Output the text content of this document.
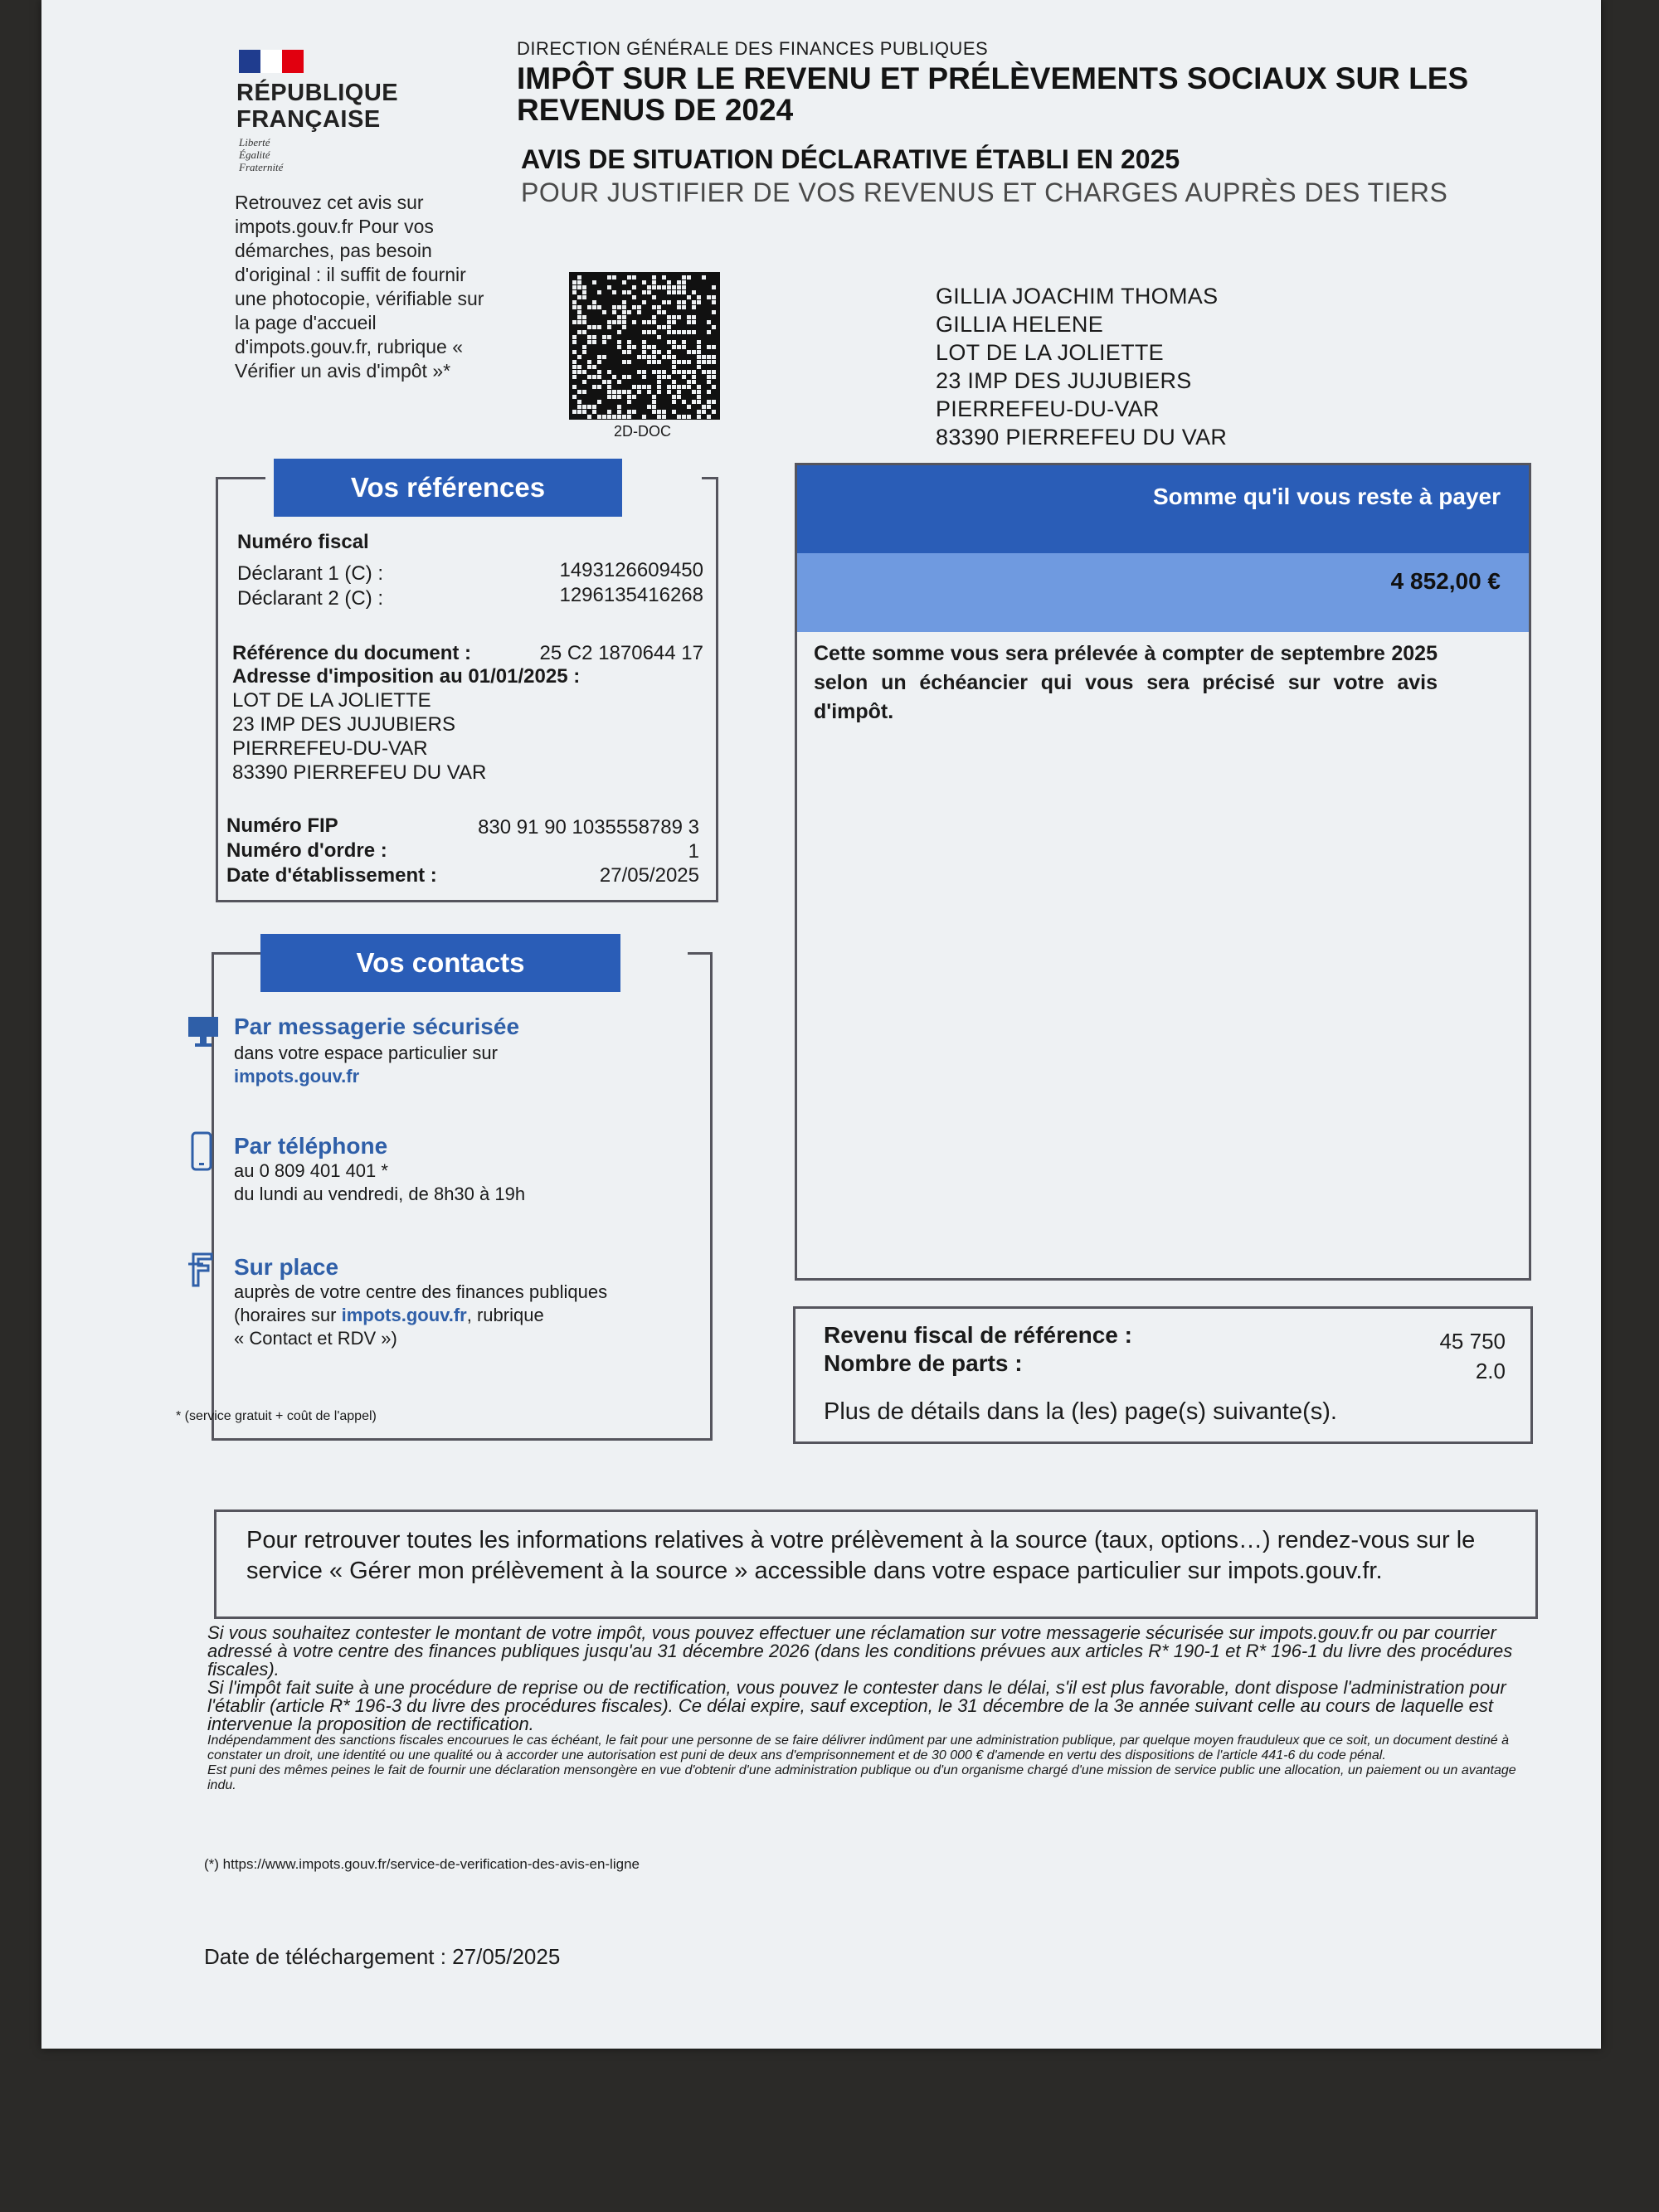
RÉPUBLIQUE
FRANÇAISE
Liberté
Égalité
Fraternité
Retrouvez cet avis sur impots.gouv.fr Pour vos démarches, pas besoin d'original : il suffit de fournir une photocopie, vérifiable sur la page d'accueil d'impots.gouv.fr, rubrique « Vérifier un avis d'impôt »*
DIRECTION GÉNÉRALE DES FINANCES PUBLIQUES
IMPÔT SUR LE REVENU ET PRÉLÈVEMENTS SOCIAUX SUR LES REVENUS DE 2024
AVIS DE SITUATION DÉCLARATIVE ÉTABLI EN 2025
POUR JUSTIFIER DE VOS REVENUS ET CHARGES AUPRÈS DES TIERS
2D-DOC
GILLIA JOACHIM THOMAS
GILLIA HELENE
LOT DE LA JOLIETTE
23 IMP DES JUJUBIERS
PIERREFEU-DU-VAR
83390 PIERREFEU DU VAR
Vos références
Numéro fiscal
Déclarant 1 (C) :	1493126609450
Déclarant 2 (C) :	1296135416268
Référence du document :	25 C2 1870644 17
Adresse d'imposition au 01/01/2025 :
LOT DE LA JOLIETTE
23 IMP DES JUJUBIERS
PIERREFEU-DU-VAR
83390 PIERREFEU DU VAR
Numéro FIP	830 91 90 1035558789 3
Numéro d'ordre :	1
Date d'établissement :	27/05/2025
Vos contacts
Par messagerie sécurisée
dans votre espace particulier sur
impots.gouv.fr
Par téléphone
au 0 809 401 401 *
du lundi au vendredi, de 8h30 à 19h
Sur place
auprès de votre centre des finances publiques
(horaires sur impots.gouv.fr, rubrique
« Contact et RDV »)
* (service gratuit + coût de l'appel)
Somme qu'il vous reste à payer
4 852,00 €
Cette somme vous sera prélevée à compter de septembre 2025 selon un échéancier qui vous sera précisé sur votre avis d'impôt.
Revenu fiscal de référence :	45 750
Nombre de parts :	2.0
Plus de détails dans la (les) page(s) suivante(s).
Pour retrouver toutes les informations relatives à votre prélèvement à la source (taux, options…) rendez-vous sur le service « Gérer mon prélèvement à la source » accessible dans votre espace particulier sur impots.gouv.fr.

Si vous souhaitez contester le montant de votre impôt, vous pouvez effectuer une réclamation sur votre messagerie sécurisée sur impots.gouv.fr ou par courrier adressé à votre centre des finances publiques jusqu'au 31 décembre 2026 (dans les conditions prévues aux articles R* 190-1 et R* 196-1 du livre des procédures fiscales).

Si l'impôt fait suite à une procédure de reprise ou de rectification, vous pouvez le contester dans le délai, s'il est plus favorable, dont dispose l'administration pour l'établir (article R* 196-3 du livre des procédures fiscales). Ce délai expire, sauf exception, le 31 décembre de la 3e année suivant celle au cours de laquelle est intervenue la proposition de rectification.

Indépendamment des sanctions fiscales encourues le cas échéant, le fait pour une personne de se faire délivrer indûment par une administration publique, par quelque moyen frauduleux que ce soit, un document destiné à constater un droit, une identité ou une qualité ou à accorder une autorisation est puni de deux ans d'emprisonnement et de 30 000 € d'amende en vertu des dispositions de l'article 441-6 du code pénal.

Est puni des mêmes peines le fait de fournir une déclaration mensongère en vue d'obtenir d'une administration publique ou d'un organisme chargé d'une mission de service public une allocation, un paiement ou un avantage indu.

(*) https://www.impots.gouv.fr/service-de-verification-des-avis-en-ligne
Date de téléchargement : 27/05/2025
